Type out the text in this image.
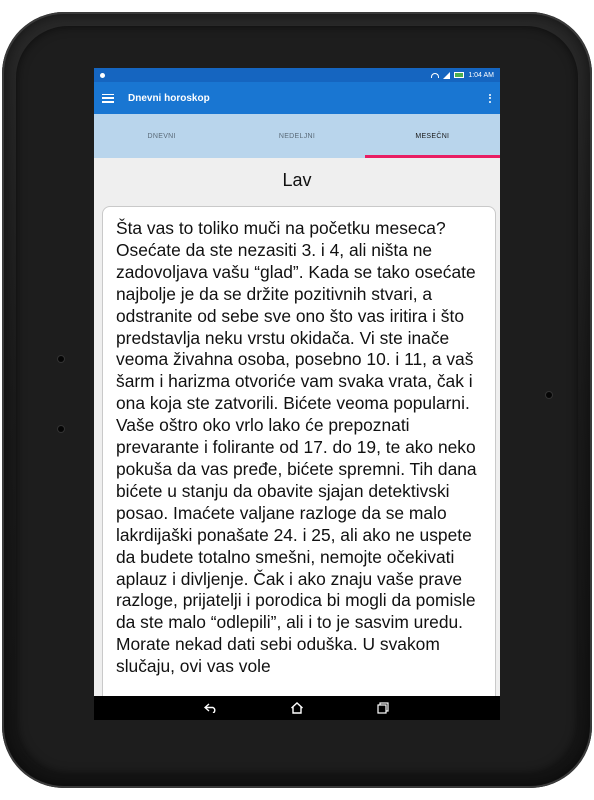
1:04 AM
Dnevni horoskop
DNEVNI	NEDELJNI	MESEČNI
Lav

Šta vas to toliko muči na početku meseca? Osećate da ste nezasiti 3. i 4, ali ništa ne zadovoljava vašu “glad”. Kada se tako osećate najbolje je da se držite pozitivnih stvari, a odstranite od sebe sve ono što vas iritira i što predstavlja neku vrstu okidača. Vi ste inače veoma živahna osoba, posebno 10. i 11, a vaš šarm i harizma otvoriće vam svaka vrata, čak i ona koja ste zatvorili. Bićete veoma popularni. Vaše oštro oko vrlo lako će prepoznati prevarante i folirante od 17. do 19, te ako neko pokuša da vas pređe, bićete spremni. Tih dana bićete u stanju da obavite sjajan detektivski posao. Imaćete valjane razloge da se malo lakrdijaški ponašate 24. i 25, ali ako ne uspete da budete totalno smešni, nemojte očekivati aplauz i divljenje. Čak i ako znaju vaše prave razloge, prijatelji i porodica bi mogli da pomisle da ste malo “odlepili”, ali i to je sasvim uredu. Morate nekad dati sebi oduška. U svakom slučaju, ovi vas vole
